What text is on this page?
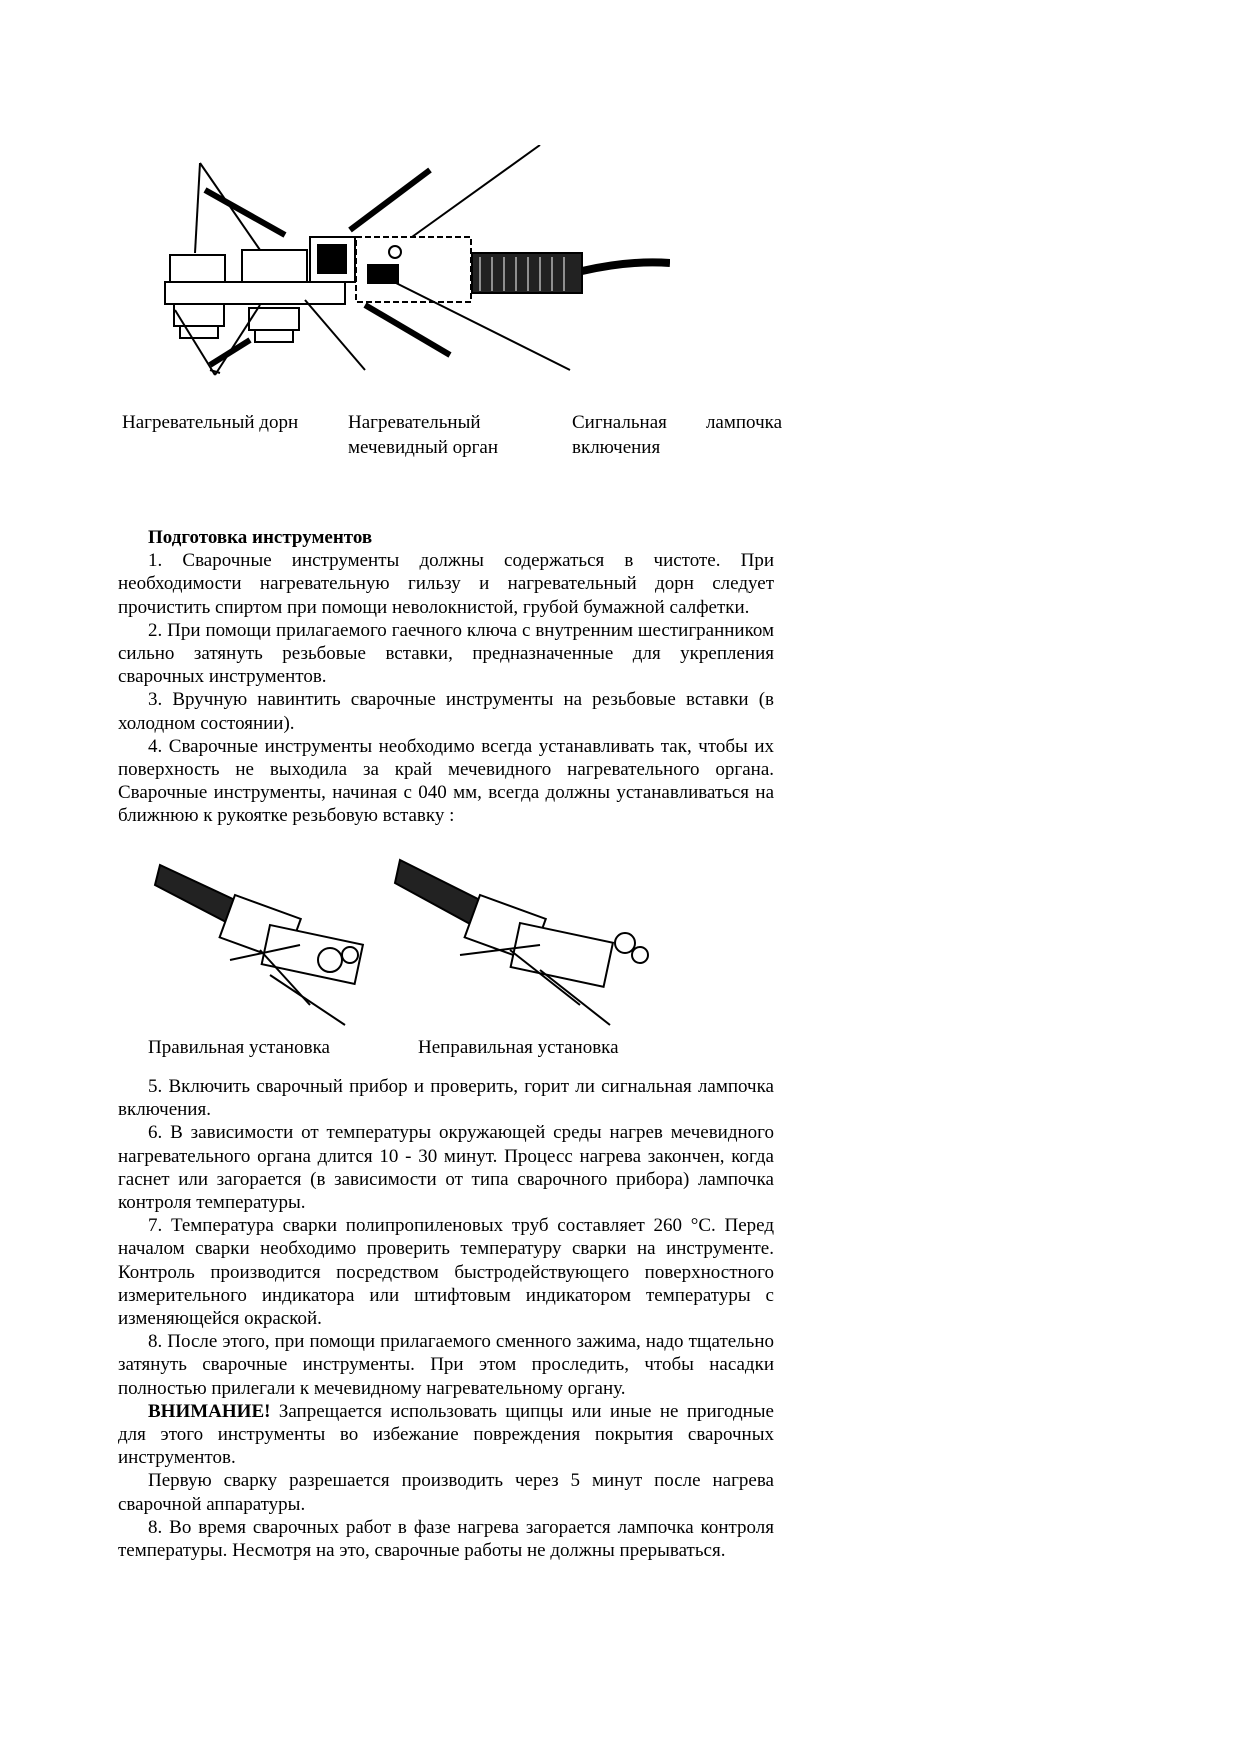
Нагревательный дорн	Нагревательный мечевидный орган
Сигнальная лампочка включения

Подготовка инструментов

1. Сварочные инструменты должны содержаться в чистоте. При необходимости нагревательную гильзу и нагревательный дорн следует прочистить спиртом при помощи неволокнистой, грубой бумажной салфетки.

2. При помощи прилагаемого гаечного ключа с внутренним шестигранником сильно затянуть резьбовые вставки, предназначенные для укрепления сварочных инструментов.

3. Вручную навинтить сварочные инструменты на резьбовые вставки (в холодном состоянии).

4. Сварочные инструменты необходимо всегда устанавливать так, чтобы их поверхность не выходила за край мечевидного нагревательного органа. Сварочные инструменты, начиная с 040 мм, всегда должны устанавливаться на ближнюю к рукоятке резьбовую вставку :

Правильная установка	Неправильная установка

5. Включить сварочный прибор и проверить, горит ли сигнальная лампочка включения.

6. В зависимости от температуры окружающей среды нагрев мечевидного нагревательного органа длится 10 - 30 минут. Процесс нагрева закончен, когда гаснет или загорается (в зависимости от типа сварочного прибора) лампочка контроля температуры.

7. Температура сварки полипропиленовых труб составляет 260 °С. Перед началом сварки необходимо проверить температуру сварки на инструменте. Контроль производится посредством быстродействующего поверхностного измерительного индикатора или штифтовым индикатором температуры с изменяющейся окраской.

8. После этого, при помощи прилагаемого сменного зажима, надо тщательно затянуть сварочные инструменты. При этом проследить, чтобы насадки полностью прилегали к мечевидному нагревательному органу.

ВНИМАНИЕ! Запрещается использовать щипцы или иные не пригодные для этого инструменты во избежание повреждения покрытия сварочных инструментов.

Первую сварку разрешается производить через 5 минут после нагрева сварочной аппаратуры.

8. Во время сварочных работ в фазе нагрева загорается лампочка контроля температуры. Несмотря на это, сварочные работы не должны прерываться.
